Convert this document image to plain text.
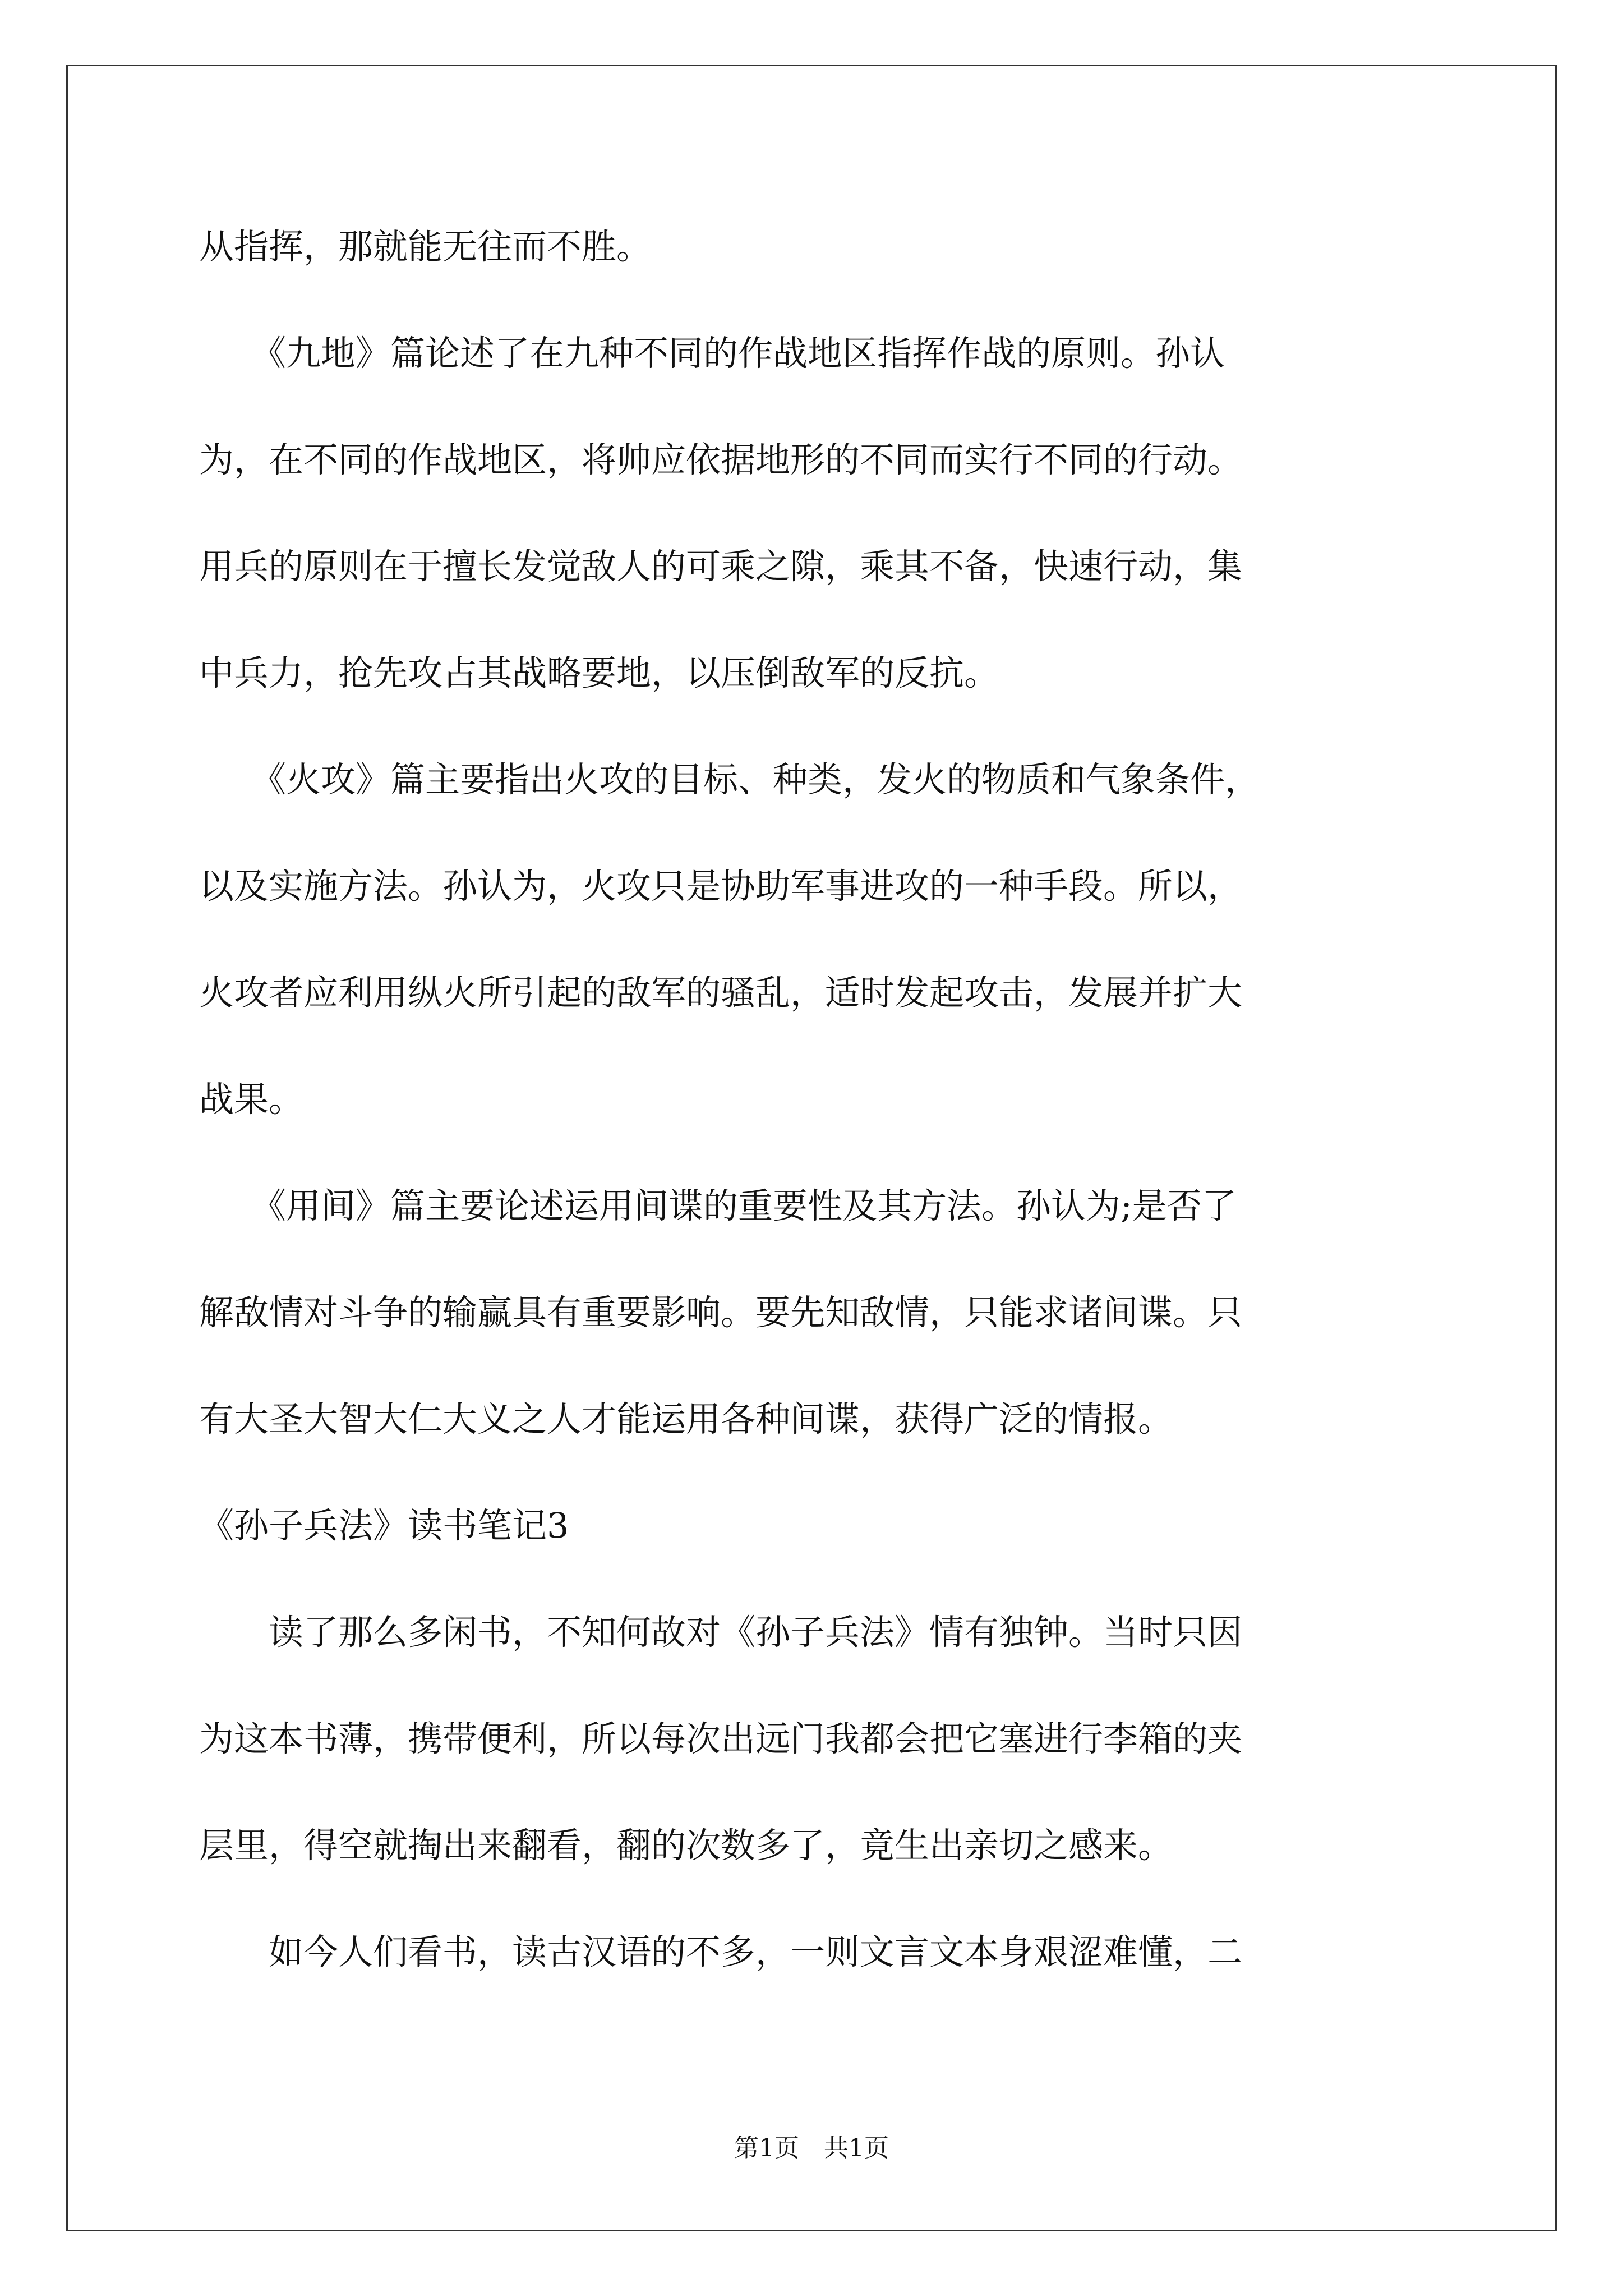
从指挥，那就能无往而不胜。
　　《九地》篇论述了在九种不同的作战地区指挥作战的原则。孙认
为，在不同的作战地区，将帅应依据地形的不同而实行不同的行动。
用兵的原则在于擅长发觉敌人的可乘之隙，乘其不备，快速行动，集
中兵力，抢先攻占其战略要地，以压倒敌军的反抗。
　　《火攻》篇主要指出火攻的目标、种类，发火的物质和气象条件，
以及实施方法。孙认为，火攻只是协助军事进攻的一种手段。所以，
火攻者应利用纵火所引起的敌军的骚乱，适时发起攻击，发展并扩大
战果。
　　《用间》篇主要论述运用间谍的重要性及其方法。孙认为;是否了
解敌情对斗争的输赢具有重要影响。要先知敌情，只能求诸间谍。只
有大圣大智大仁大义之人才能运用各种间谍，获得广泛的情报。
《孙子兵法》读书笔记3
　　读了那么多闲书，不知何故对《孙子兵法》情有独钟。当时只因
为这本书薄，携带便利，所以每次出远门我都会把它塞进行李箱的夹
层里，得空就掏出来翻看，翻的次数多了，竟生出亲切之感来。
　　如今人们看书，读古汉语的不多，一则文言文本身艰涩难懂，二
第1页　共1页
